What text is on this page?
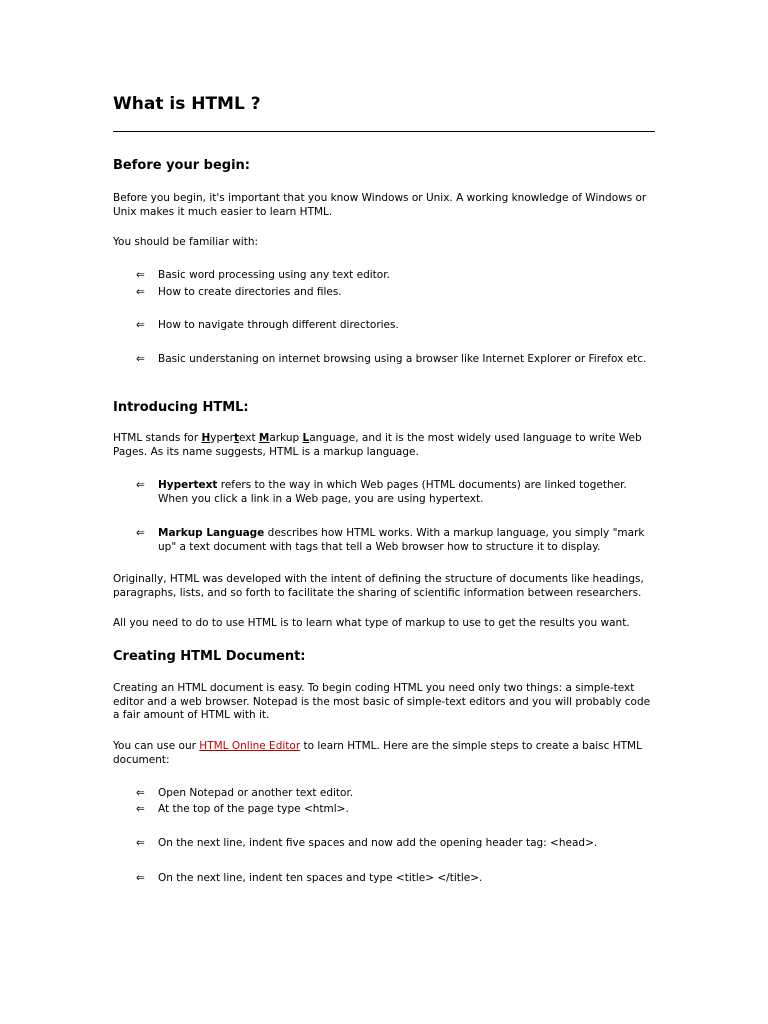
What is HTML ?
Before your begin:

Before you begin, it's important that you know Windows or Unix. A working knowledge of Windows or Unix makes it much easier to learn HTML.

You should be familiar with:

⇐ Basic word processing using any text editor.
⇐ How to create directories and files.
⇐ How to navigate through different directories.
⇐ Basic understaning on internet browsing using a browser like Internet Explorer or Firefox etc.
Introducing HTML:

HTML stands for Hypertext Markup Language, and it is the most widely used language to write Web Pages. As its name suggests, HTML is a markup language.

⇐ Hypertext refers to the way in which Web pages (HTML documents) are linked together. When you click a link in a Web page, you are using hypertext.
⇐ Markup Language describes how HTML works. With a markup language, you simply "mark up" a text document with tags that tell a Web browser how to structure it to display.

Originally, HTML was developed with the intent of defining the structure of documents like headings, paragraphs, lists, and so forth to facilitate the sharing of scientific information between researchers.

All you need to do to use HTML is to learn what type of markup to use to get the results you want.

Creating HTML Document:

Creating an HTML document is easy. To begin coding HTML you need only two things: a simple-text editor and a web browser. Notepad is the most basic of simple-text editors and you will probably code a fair amount of HTML with it.

You can use our HTML Online Editor to learn HTML. Here are the simple steps to create a baisc HTML document:

⇐ Open Notepad or another text editor.
⇐ At the top of the page type <html>.
⇐ On the next line, indent five spaces and now add the opening header tag: <head>.
⇐ On the next line, indent ten spaces and type <title> </title>.
